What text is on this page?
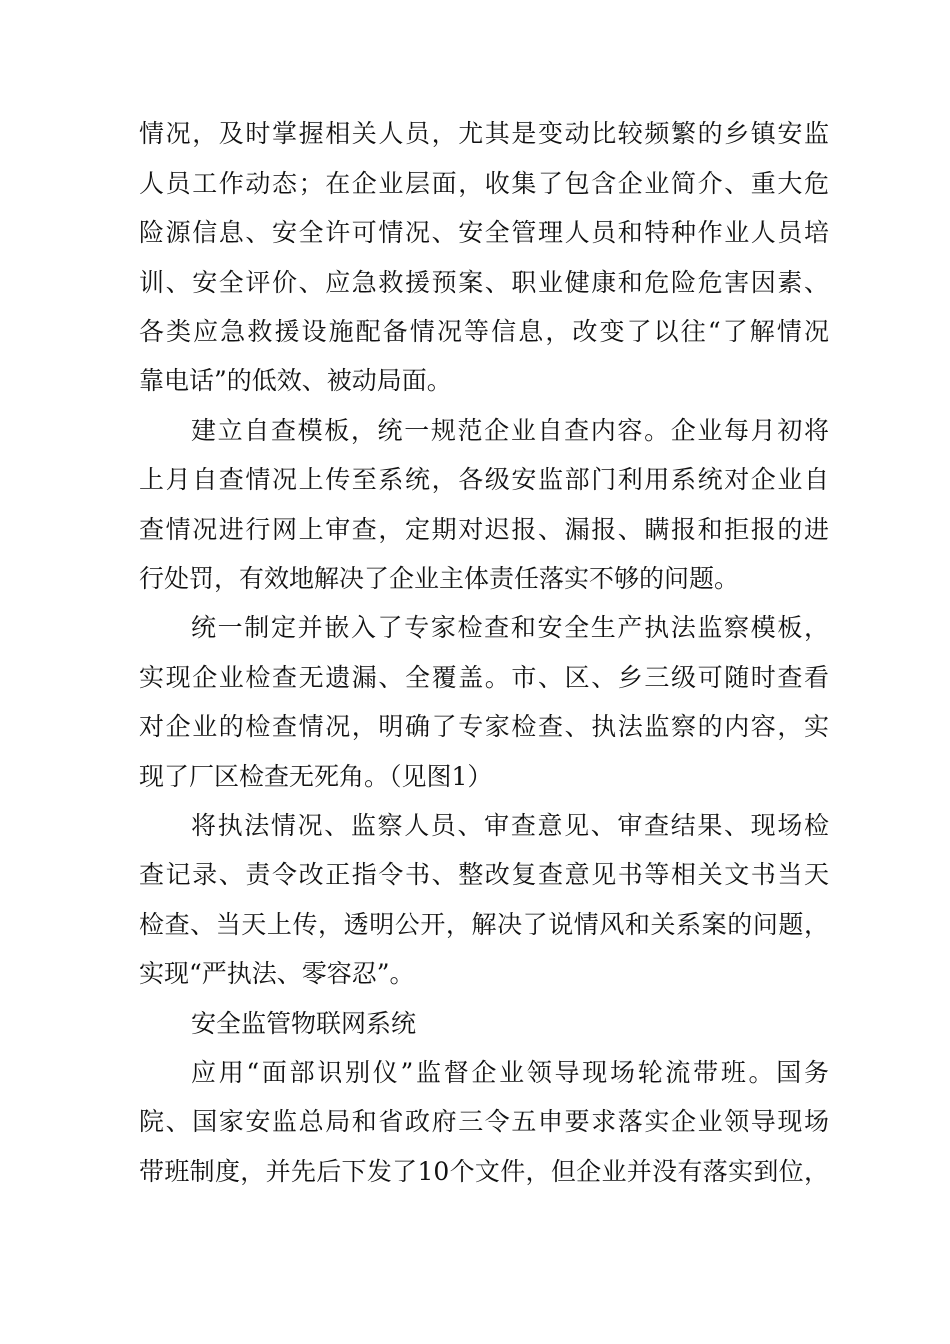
情况，及时掌握相关人员，尤其是变动比较频繁的乡镇安监
人员工作动态；在企业层面，收集了包含企业简介、重大危
险源信息、安全许可情况、安全管理人员和特种作业人员培
训、安全评价、应急救援预案、职业健康和危险危害因素、
各类应急救援设施配备情况等信息，改变了以往“了解情况
靠电话”的低效、被动局面。
建立自查模板，统一规范企业自查内容。企业每月初将
上月自查情况上传至系统，各级安监部门利用系统对企业自
查情况进行网上审查，定期对迟报、漏报、瞒报和拒报的进
行处罚，有效地解决了企业主体责任落实不够的问题。
统一制定并嵌入了专家检查和安全生产执法监察模板，
实现企业检查无遗漏、全覆盖。市、区、乡三级可随时查看
对企业的检查情况，明确了专家检查、执法监察的内容，实
现了厂区检查无死角。（见图1）
将执法情况、监察人员、审查意见、审查结果、现场检
查记录、责令改正指令书、整改复查意见书等相关文书当天
检查、当天上传，透明公开，解决了说情风和关系案的问题，
实现“严执法、零容忍”。
安全监管物联网系统
应用“面部识别仪”监督企业领导现场轮流带班。国务
院、国家安监总局和省政府三令五申要求落实企业领导现场
带班制度，并先后下发了10个文件，但企业并没有落实到位，
